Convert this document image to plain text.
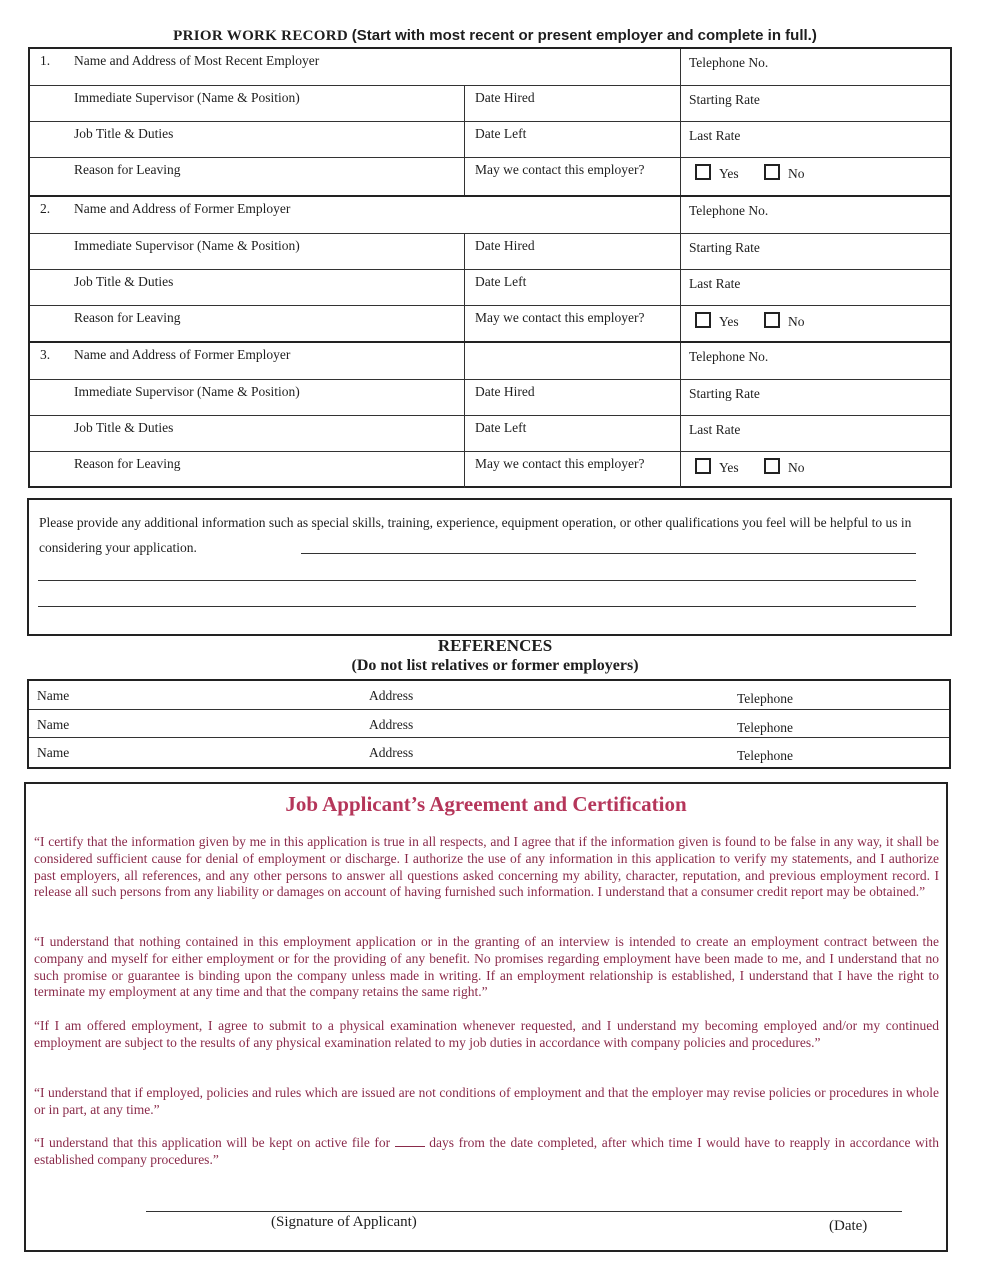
PRIOR WORK RECORD (Start with most recent or present employer and complete in full.)
1.	Name and Address of Most Recent Employer	Telephone No.
Immediate Supervisor (Name & Position)	Date Hired	Starting Rate
Job Title & Duties	Date Left	Last Rate
Reason for Leaving	May we contact this employer?	Yes	No
2.	Name and Address of Former Employer	Telephone No.
Immediate Supervisor (Name & Position)	Date Hired	Starting Rate
Job Title & Duties	Date Left	Last Rate
Reason for Leaving	May we contact this employer?	Yes	No
3.	Name and Address of Former Employer	Telephone No.
Immediate Supervisor (Name & Position)	Date Hired	Starting Rate
Job Title & Duties	Date Left	Last Rate
Reason for Leaving	May we contact this employer?	Yes	No
Please provide any additional information such as special skills, training, experience, equipment operation, or other qualifications you feel will be helpful to us in considering your application.
REFERENCES
(Do not list relatives or former employers)
Name	Address	Telephone
Name	Address	Telephone
Name	Address	Telephone
Job Applicant’s Agreement and Certification
“I certify that the information given by me in this application is true in all respects, and I agree that if the information given is found to be false in any way, it shall be considered sufficient cause for denial of employment or discharge. I authorize the use of any information in this application to verify my statements, and I authorize past employers, all references, and any other persons to answer all questions asked concerning my ability, character, reputation, and previous employment record. I release all such persons from any liability or damages on account of having furnished such information. I understand that a consumer credit report may be obtained.”
“I understand that nothing contained in this employment application or in the granting of an interview is intended to create an employment contract between the company and myself for either employment or for the providing of any benefit. No promises regarding employment have been made to me, and I understand that no such promise or guarantee is binding upon the company unless made in writing. If an employment relationship is established, I understand that I have the right to terminate my employment at any time and that the company retains the same right.”
“If I am offered employment, I agree to submit to a physical examination whenever requested, and I understand my becoming employed and/or my continued employment are subject to the results of any physical examination related to my job duties in accordance with company policies and procedures.”
“I understand that if employed, policies and rules which are issued are not conditions of employment and that the employer may revise policies or procedures in whole or in part, at any time.”
“I understand that this application will be kept on active file for	days from the date completed, after which time I would have to reapply in accordance with established company procedures.”
(Signature of Applicant)	(Date)
